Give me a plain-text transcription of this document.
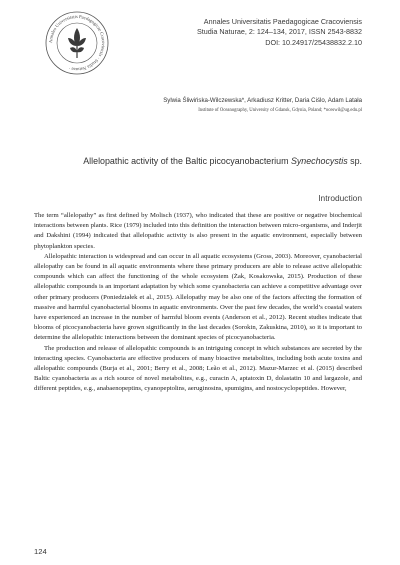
Annales Universitatis Paedagogicae Cracoviensis · Studia Naturae ·
Annales Universitatis Paedagogicae Cracoviensis
Studia Naturae, 2: 124–134, 2017, ISSN 2543-8832
DOI: 10.24917/25438832.2.10
Sylwia Śliwińska-Wilczewska*, Arkadiusz Kritter, Daria Ciślo, Adam Latała
Institute of Oceanography, University of Gdansk, Gdynia, Poland; *oceswil@ug.edu.pl
Allelopathic activity of the Baltic picocyanobacterium Synechocystis sp.
Introduction

The term “allelopathy” as first defined by Molisch (1937), who indicated that these are positive or negative biochemical interactions between plants. Rice (1979) included into this definition the interaction between micro-organisms, and Inderjit and Dakshini (1994) indicated that allelopathic activity is also present in the aquatic environment, especially between phytoplankton species.

Allelopathic interaction is widespread and can occur in all aquatic ecosystems (Gross, 2003). Moreover, cyanobacterial allelopathy can be found in all aquatic environments where these primary producers are able to release active allelopathic compounds which can affect the functioning of the whole ecosystem (Żak, Kosakowska, 2015). Production of these allelopathic compounds is an important adaptation by which some cyanobacteria can achieve a competitive advantage over other primary producers (Poniedziałek et al., 2015). Allelopathy may be also one of the factors affecting the formation of massive and harmful cyanobacterial blooms in aquatic environments. Over the past few decades, the world’s coastal waters have experienced an increase in the number of harmful bloom events (Anderson et al., 2012). Recent studies indicate that blooms of picocyanobacteria have grown significantly in the last decades (Sorokin, Zakuskina, 2010), so it is important to determine the allelopathic interactions between the dominant species of picocyanobacteria.

The production and release of allelopathic compounds is an intriguing concept in which substances are secreted by the interacting species. Cyanobacteria are effective producers of many bioactive metabolites, including both acute toxins and allelopathic compounds (Burja et al., 2001; Berry et al., 2008; Leão et al., 2012). Mazur-Marzec et al. (2015) described Baltic cyanobacteria as a rich source of novel metabolites, e.g., curacin A, aptatoxin D, dolastatin 10 and largazole, and different peptides, e.g., anabaenopeptins, cyanopeptolins, aeruginosins, spumigins, and nostocyclopeptides. However,

124
